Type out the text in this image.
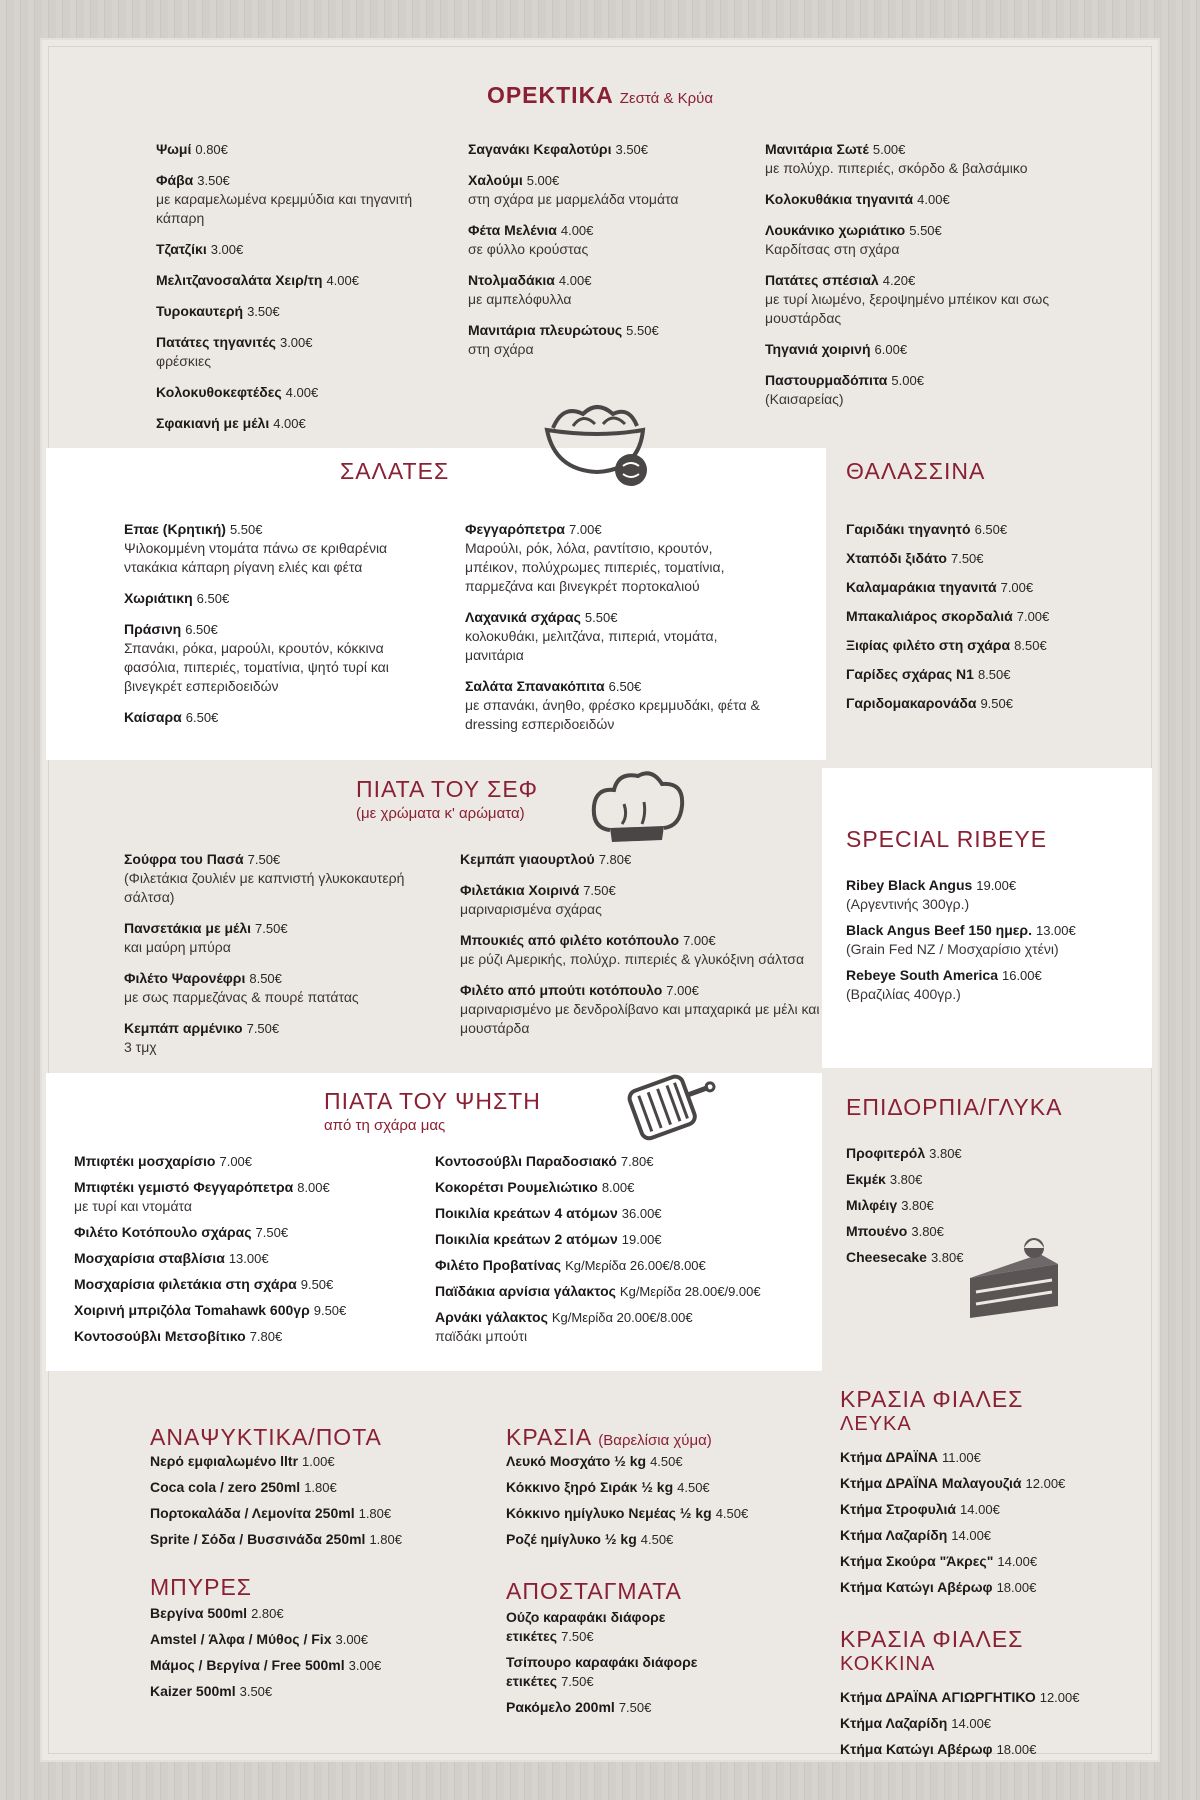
ΟΡΕΚΤΙΚΑ Ζεστά & Κρύα
Ψωμί 0.80€
Φάβα 3.50€
με καραμελωμένα κρεμμύδια και τηγανιτή κάπαρη
Τζατζίκι 3.00€
Μελιτζανοσαλάτα Χειρ/τη 4.00€
Τυροκαυτερή 3.50€
Πατάτες τηγανιτές 3.00€
φρέσκιες
Κολοκυθοκεφτέδες 4.00€
Σφακιανή με μέλι 4.00€
Σαγανάκι Κεφαλοτύρι 3.50€
Χαλούμι 5.00€
στη σχάρα με μαρμελάδα ντομάτα
Φέτα Μελένια 4.00€
σε φύλλο κρούστας
Ντολμαδάκια 4.00€
με αμπελόφυλλα
Μανιτάρια πλευρώτους 5.50€
στη σχάρα
Μανιτάρια Σωτέ 5.00€
με πολύχρ. πιπεριές, σκόρδο & βαλσάμικο
Κολοκυθάκια τηγανιτά 4.00€
Λουκάνικο χωριάτικο 5.50€
Καρδίτσας στη σχάρα
Πατάτες σπέσιαλ 4.20€
με τυρί λιωμένο, ξεροψημένο μπέικον και σως μουστάρδας
Τηγανιά χοιρινή 6.00€
Παστουρμαδόπιτα 5.00€
(Καισαρείας)
ΣΑΛΑΤΕΣ
Επαε (Κρητική) 5.50€
Ψιλοκομμένη ντομάτα πάνω σε κριθαρένια ντακάκια κάπαρη ρίγανη ελιές και φέτα
Χωριάτικη 6.50€
Πράσινη 6.50€
Σπανάκι, ρόκα, μαρούλι, κρουτόν, κόκκινα φασόλια, πιπεριές, τοματίνια, ψητό τυρί και βινεγκρέτ εσπεριδοειδών
Καίσαρα 6.50€
Φεγγαρόπετρα 7.00€
Μαρούλι, ρόκ, λόλα, ραντίτσιο, κρουτόν, μπέικον, πολύχρωμες πιπεριές, τοματίνια, παρμεζάνα και βινεγκρέτ πορτοκαλιού
Λαχανικά σχάρας 5.50€
κολοκυθάκι, μελιτζάνα, πιπεριά, ντομάτα, μανιτάρια
Σαλάτα Σπανακόπιτα 6.50€
με σπανάκι, άνηθο, φρέσκο κρεμμυδάκι, φέτα & dressing εσπεριδοειδών
ΘΑΛΑΣΣΙΝΑ
Γαριδάκι τηγανητό 6.50€
Χταπόδι ξιδάτο 7.50€
Καλαμαράκια τηγανιτά 7.00€
Μπακαλιάρος σκορδαλιά 7.00€
Ξιφίας φιλέτο στη σχάρα 8.50€
Γαρίδες σχάρας Ν1 8.50€
Γαριδομακαρονάδα 9.50€
ΠΙΑΤΑ ΤΟΥ ΣΕΦ
(με χρώματα κ' αρώματα)
Σούφρα του Πασά 7.50€
(Φιλετάκια ζουλιέν με καπνιστή γλυκοκαυτερή σάλτσα)
Πανσετάκια με μέλι 7.50€
και μαύρη μπύρα
Φιλέτο Ψαρονέφρι 8.50€
με σως παρμεζάνας & πουρέ πατάτας
Κεμπάπ αρμένικο 7.50€
3 τμχ
Κεμπάπ γιαουρτλού 7.80€
Φιλετάκια Χοιρινά 7.50€
μαριναρισμένα σχάρας
Μπουκιές από φιλέτο κοτόπουλο 7.00€
με ρύζι Αμερικής, πολύχρ. πιπεριές & γλυκόξινη σάλτσα
Φιλέτο από μπούτι κοτόπουλο 7.00€
μαριναρισμένο με δενδρολίβανο και μπαχαρικά με μέλι και μουστάρδα
SPECIAL RIBEYE
Ribey Black Angus 19.00€
(Αργεντινής 300γρ.)
Black Angus Beef 150 ημερ. 13.00€
(Grain Fed NZ / Μοσχαρίσιο χτένι)
Rebeye South America 16.00€
(Βραζιλίας 400γρ.)
ΠΙΑΤΑ ΤΟΥ ΨΗΣΤΗ
από τη σχάρα μας
Μπιφτέκι μοσχαρίσιο 7.00€
Μπιφτέκι γεμιστό Φεγγαρόπετρα 8.00€
με τυρί και ντομάτα
Φιλέτο Κοτόπουλο σχάρας 7.50€
Μοσχαρίσια σταβλίσια 13.00€
Μοσχαρίσια φιλετάκια στη σχάρα 9.50€
Χοιρινή μπριζόλα Tomahawk 600γρ 9.50€
Κοντοσούβλι Μετσοβίτικο 7.80€
Κοντοσούβλι Παραδοσιακό 7.80€
Κοκορέτσι Ρουμελιώτικο 8.00€
Ποικιλία κρεάτων 4 ατόμων 36.00€
Ποικιλία κρεάτων 2 ατόμων 19.00€
Φιλέτο Προβατίνας Kg/Μερίδα 26.00€/8.00€
Παϊδάκια αρνίσια γάλακτος Kg/Μερίδα 28.00€/9.00€
Αρνάκι γάλακτος Kg/Μερίδα 20.00€/8.00€
παϊδάκι μπούτι
ΕΠΙΔΟΡΠΙΑ/ΓΛΥΚΑ
Προφιτερόλ 3.80€
Εκμέκ 3.80€
Μιλφέιγ 3.80€
Μπουένο 3.80€
Cheesecake 3.80€
ΑΝΑΨΥΚΤΙΚΑ/ΠΟΤΑ
Νερό εμφιαλωμένο lltr 1.00€
Coca cola / zero 250ml 1.80€
Πορτοκαλάδα / Λεμονίτα 250ml 1.80€
Sprite / Σόδα / Βυσσινάδα 250ml 1.80€
ΜΠΥΡΕΣ
Βεργίνα 500ml 2.80€
Amstel / Άλφα / Μύθος / Fix 3.00€
Μάμος / Βεργίνα / Free 500ml 3.00€
Kaizer 500ml 3.50€
ΚΡΑΣΙΑ (Βαρελίσια χύμα)
Λευκό Μοσχάτο ½ kg 4.50€
Κόκκινο ξηρό Σιράκ ½ kg 4.50€
Κόκκινο ημίγλυκο Νεμέας ½ kg 4.50€
Ροζέ ημίγλυκο ½ kg 4.50€
ΑΠΟΣΤΑΓΜΑΤΑ
Ούζο καραφάκι διάφορε ετικέτες 7.50€
Τσίπουρο καραφάκι διάφορε ετικέτες 7.50€
Ρακόμελο 200ml 7.50€
ΚΡΑΣΙΑ ΦΙΑΛΕΣ
ΛΕΥΚΑ
Κτήμα ΔΡΑΪΝΑ 11.00€
Κτήμα ΔΡΑΪΝΑ Μαλαγουζιά 12.00€
Κτήμα Στροφυλιά 14.00€
Κτήμα Λαζαρίδη 14.00€
Κτήμα Σκούρα "Άκρες" 14.00€
Κτήμα Κατώγι Αβέρωφ 18.00€
ΚΡΑΣΙΑ ΦΙΑΛΕΣ
ΚΟΚΚΙΝΑ
Κτήμα ΔΡΑΪΝΑ ΑΓΙΩΡΓΗΤΙΚΟ 12.00€
Κτήμα Λαζαρίδη 14.00€
Κτήμα Κατώγι Αβέρωφ 18.00€
